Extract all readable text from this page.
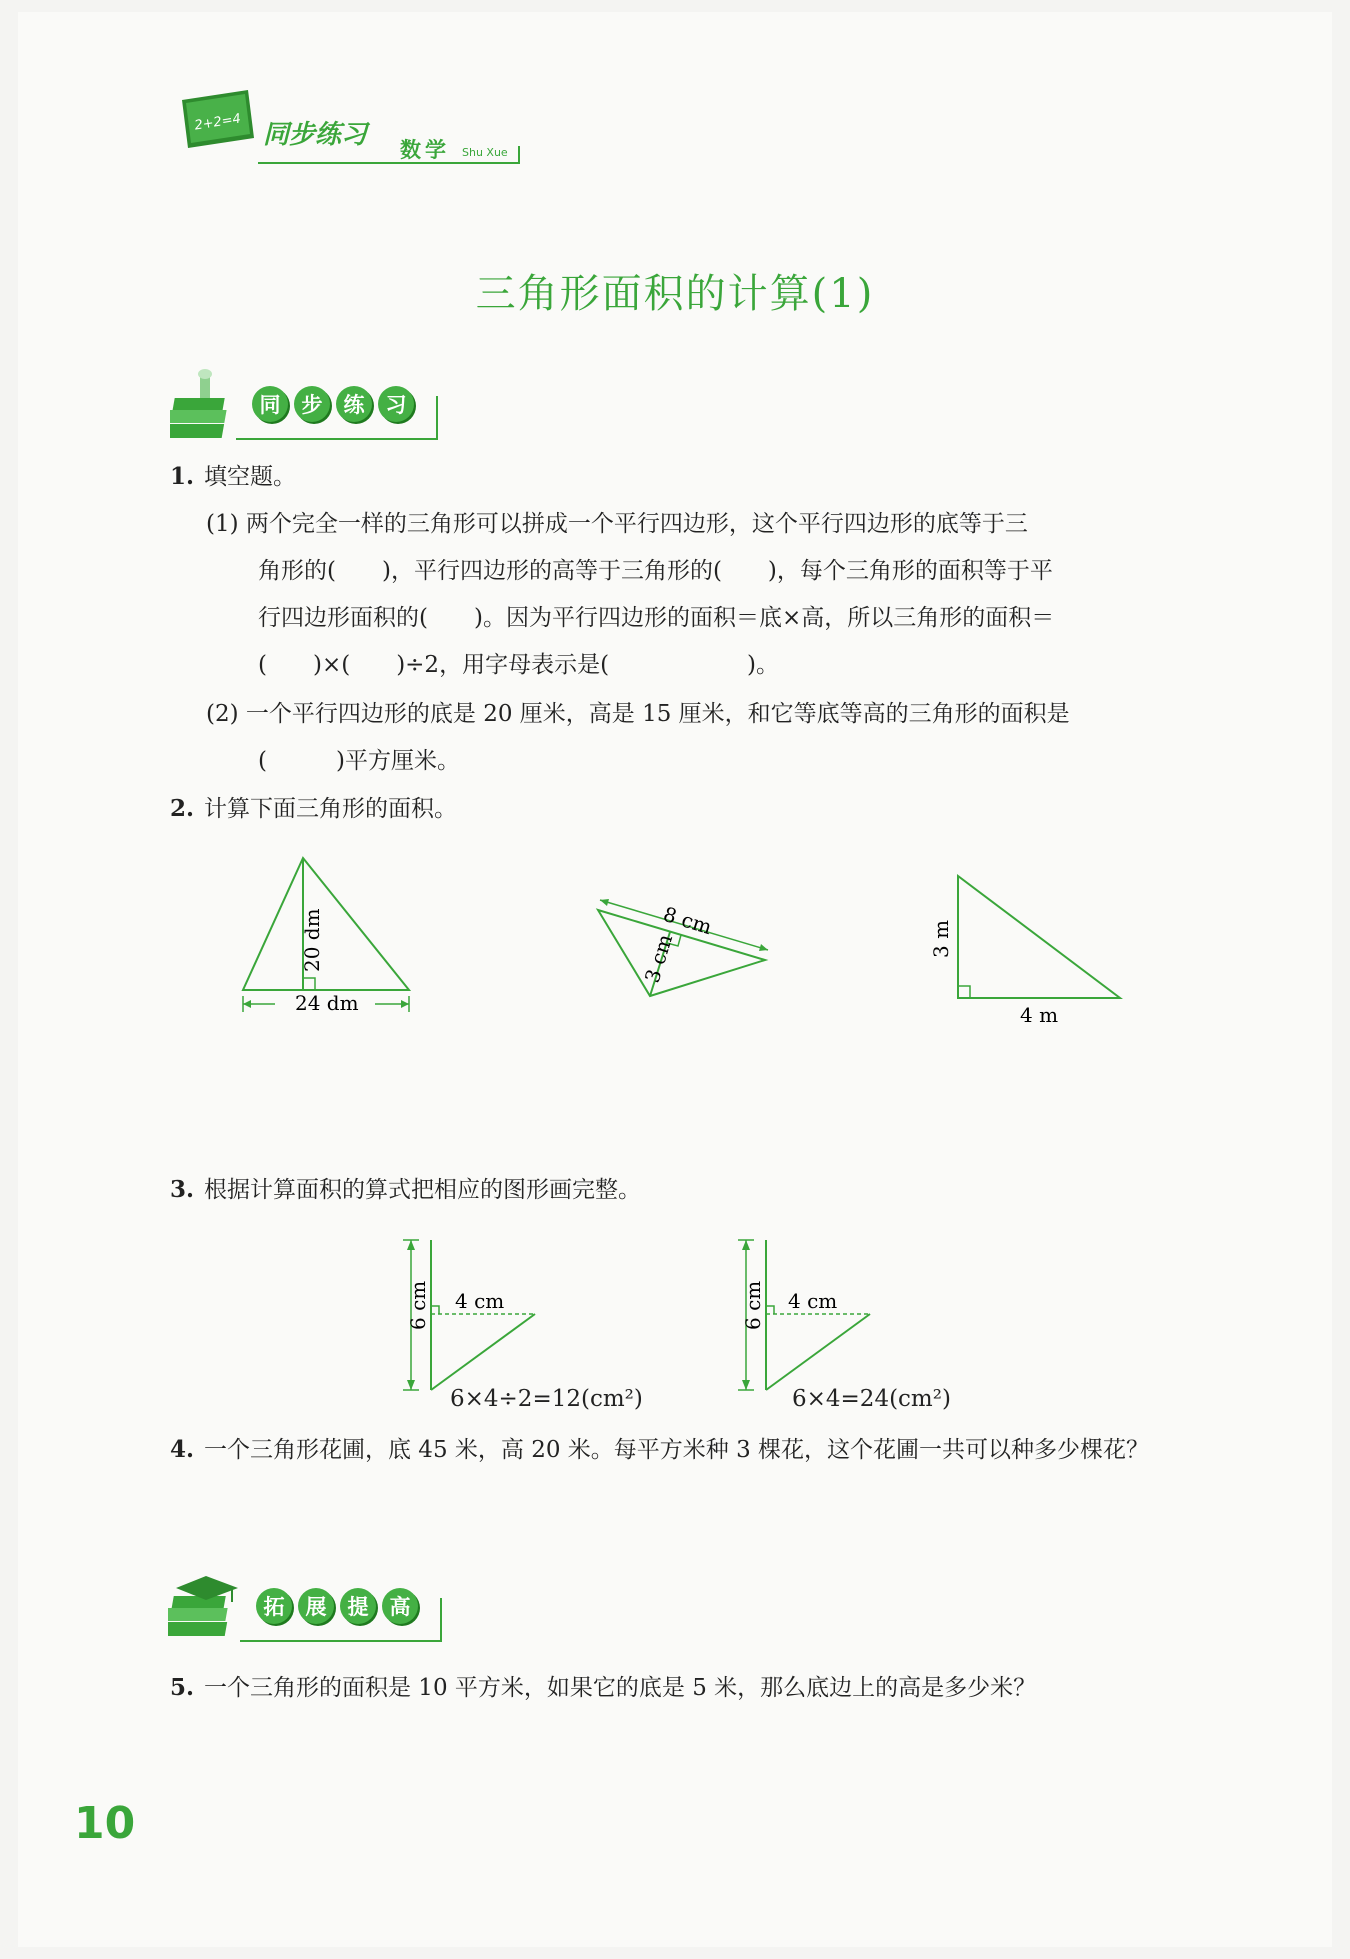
2+2=4 同步练习 数学 Shu Xue
三角形面积的计算(1)
同	步	练	习
1. 填空题。
(1) 两个完全一样的三角形可以拼成一个平行四边形，这个平行四边形的底等于三
角形的(　　)，平行四边形的高等于三角形的(　　)，每个三角形的面积等于平
行四边形面积的(　　)。因为平行四边形的面积＝底×高，所以三角形的面积＝
(　　)×(　　)÷2，用字母表示是(　　　　　　)。
(2) 一个平行四边形的底是 20 厘米，高是 15 厘米，和它等底等高的三角形的面积是
(　　　)平方厘米。
2. 计算下面三角形的面积。
24 dm
20 dm	8 cm
3 cm	3 m
4 m
3. 根据计算面积的算式把相应的图形画完整。
6 cm 4 cm
6×4÷2=12(cm²)
6 cm 4 cm
6×4=24(cm²)
4. 一个三角形花圃，底 45 米，高 20 米。每平方米种 3 棵花，这个花圃一共可以种多少棵花？
拓	展	提	高
5. 一个三角形的面积是 10 平方米，如果它的底是 5 米，那么底边上的高是多少米？
10
